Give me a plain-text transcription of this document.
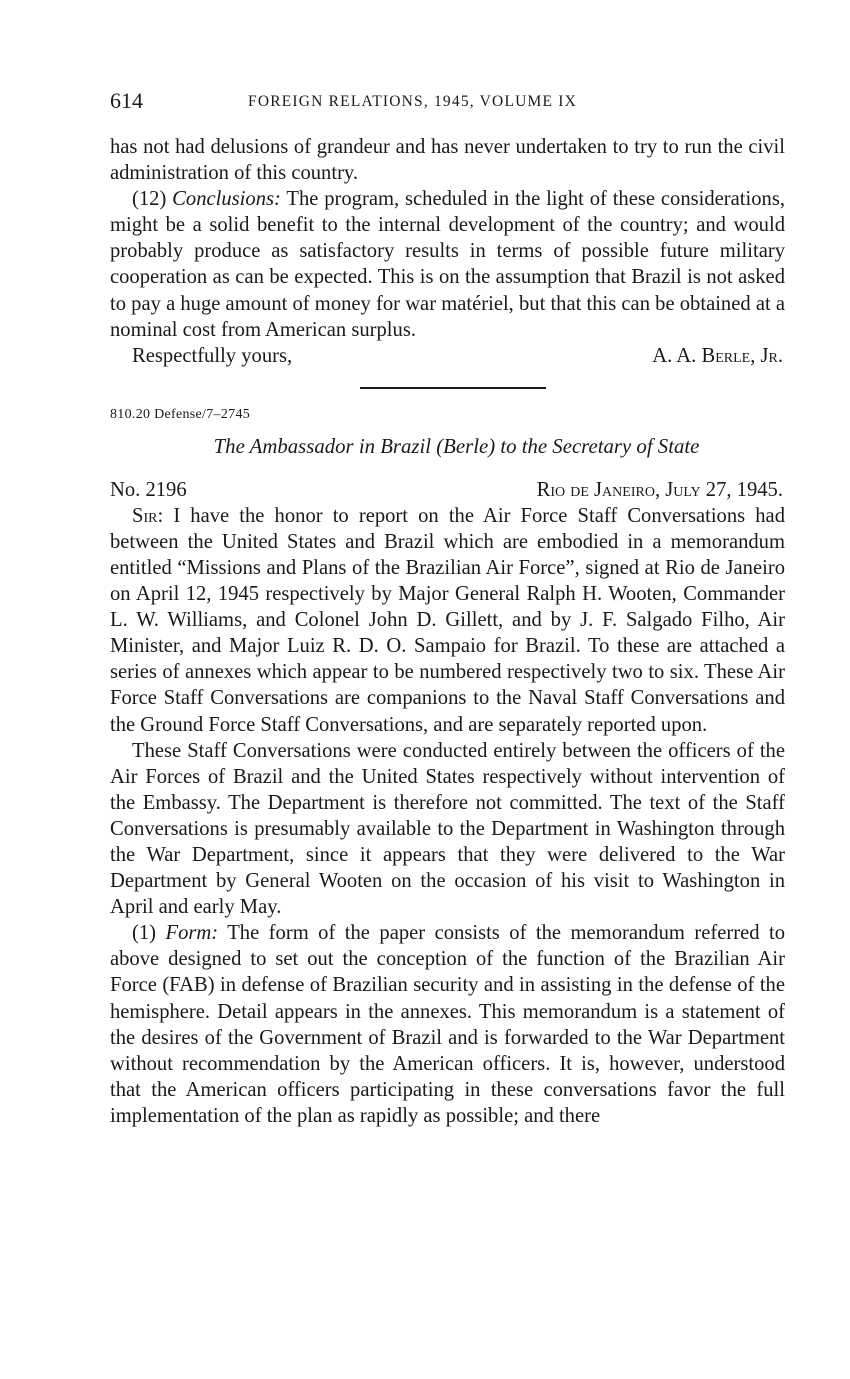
614	FOREIGN RELATIONS, 1945, VOLUME IX

has not had delusions of grandeur and has never undertaken to try to run the civil administration of this country.

(12) Conclusions: The program, scheduled in the light of these considerations, might be a solid benefit to the internal development of the country; and would probably produce as satisfactory results in terms of possible future military cooperation as can be expected. This is on the assumption that Brazil is not asked to pay a huge amount of money for war matériel, but that this can be obtained at a nominal cost from American surplus.

Respectfully yours,	A. A. Berle, Jr.
810.20 Defense/7–2745
The Ambassador in Brazil (Berle) to the Secretary of State
No. 2196	Rio de Janeiro, July 27, 1945.

Sir: I have the honor to report on the Air Force Staff Conversations had between the United States and Brazil which are embodied in a memorandum entitled “Missions and Plans of the Brazilian Air Force”, signed at Rio de Janeiro on April 12, 1945 respectively by Major General Ralph H. Wooten, Commander L. W. Williams, and Colonel John D. Gillett, and by J. F. Salgado Filho, Air Minister, and Major Luiz R. D. O. Sampaio for Brazil. To these are attached a series of annexes which appear to be numbered respectively two to six. These Air Force Staff Conversations are companions to the Naval Staff Conversations and the Ground Force Staff Conversations, and are separately reported upon.

These Staff Conversations were conducted entirely between the officers of the Air Forces of Brazil and the United States respectively without intervention of the Embassy. The Department is therefore not committed. The text of the Staff Conversations is presumably available to the Department in Washington through the War Department, since it appears that they were delivered to the War Department by General Wooten on the occasion of his visit to Washington in April and early May.

(1) Form: The form of the paper consists of the memorandum referred to above designed to set out the conception of the function of the Brazilian Air Force (FAB) in defense of Brazilian security and in assisting in the defense of the hemisphere. Detail appears in the annexes. This memorandum is a statement of the desires of the Government of Brazil and is forwarded to the War Department without recommendation by the American officers. It is, however, understood that the American officers participating in these conversations favor the full implementation of the plan as rapidly as possible; and there
